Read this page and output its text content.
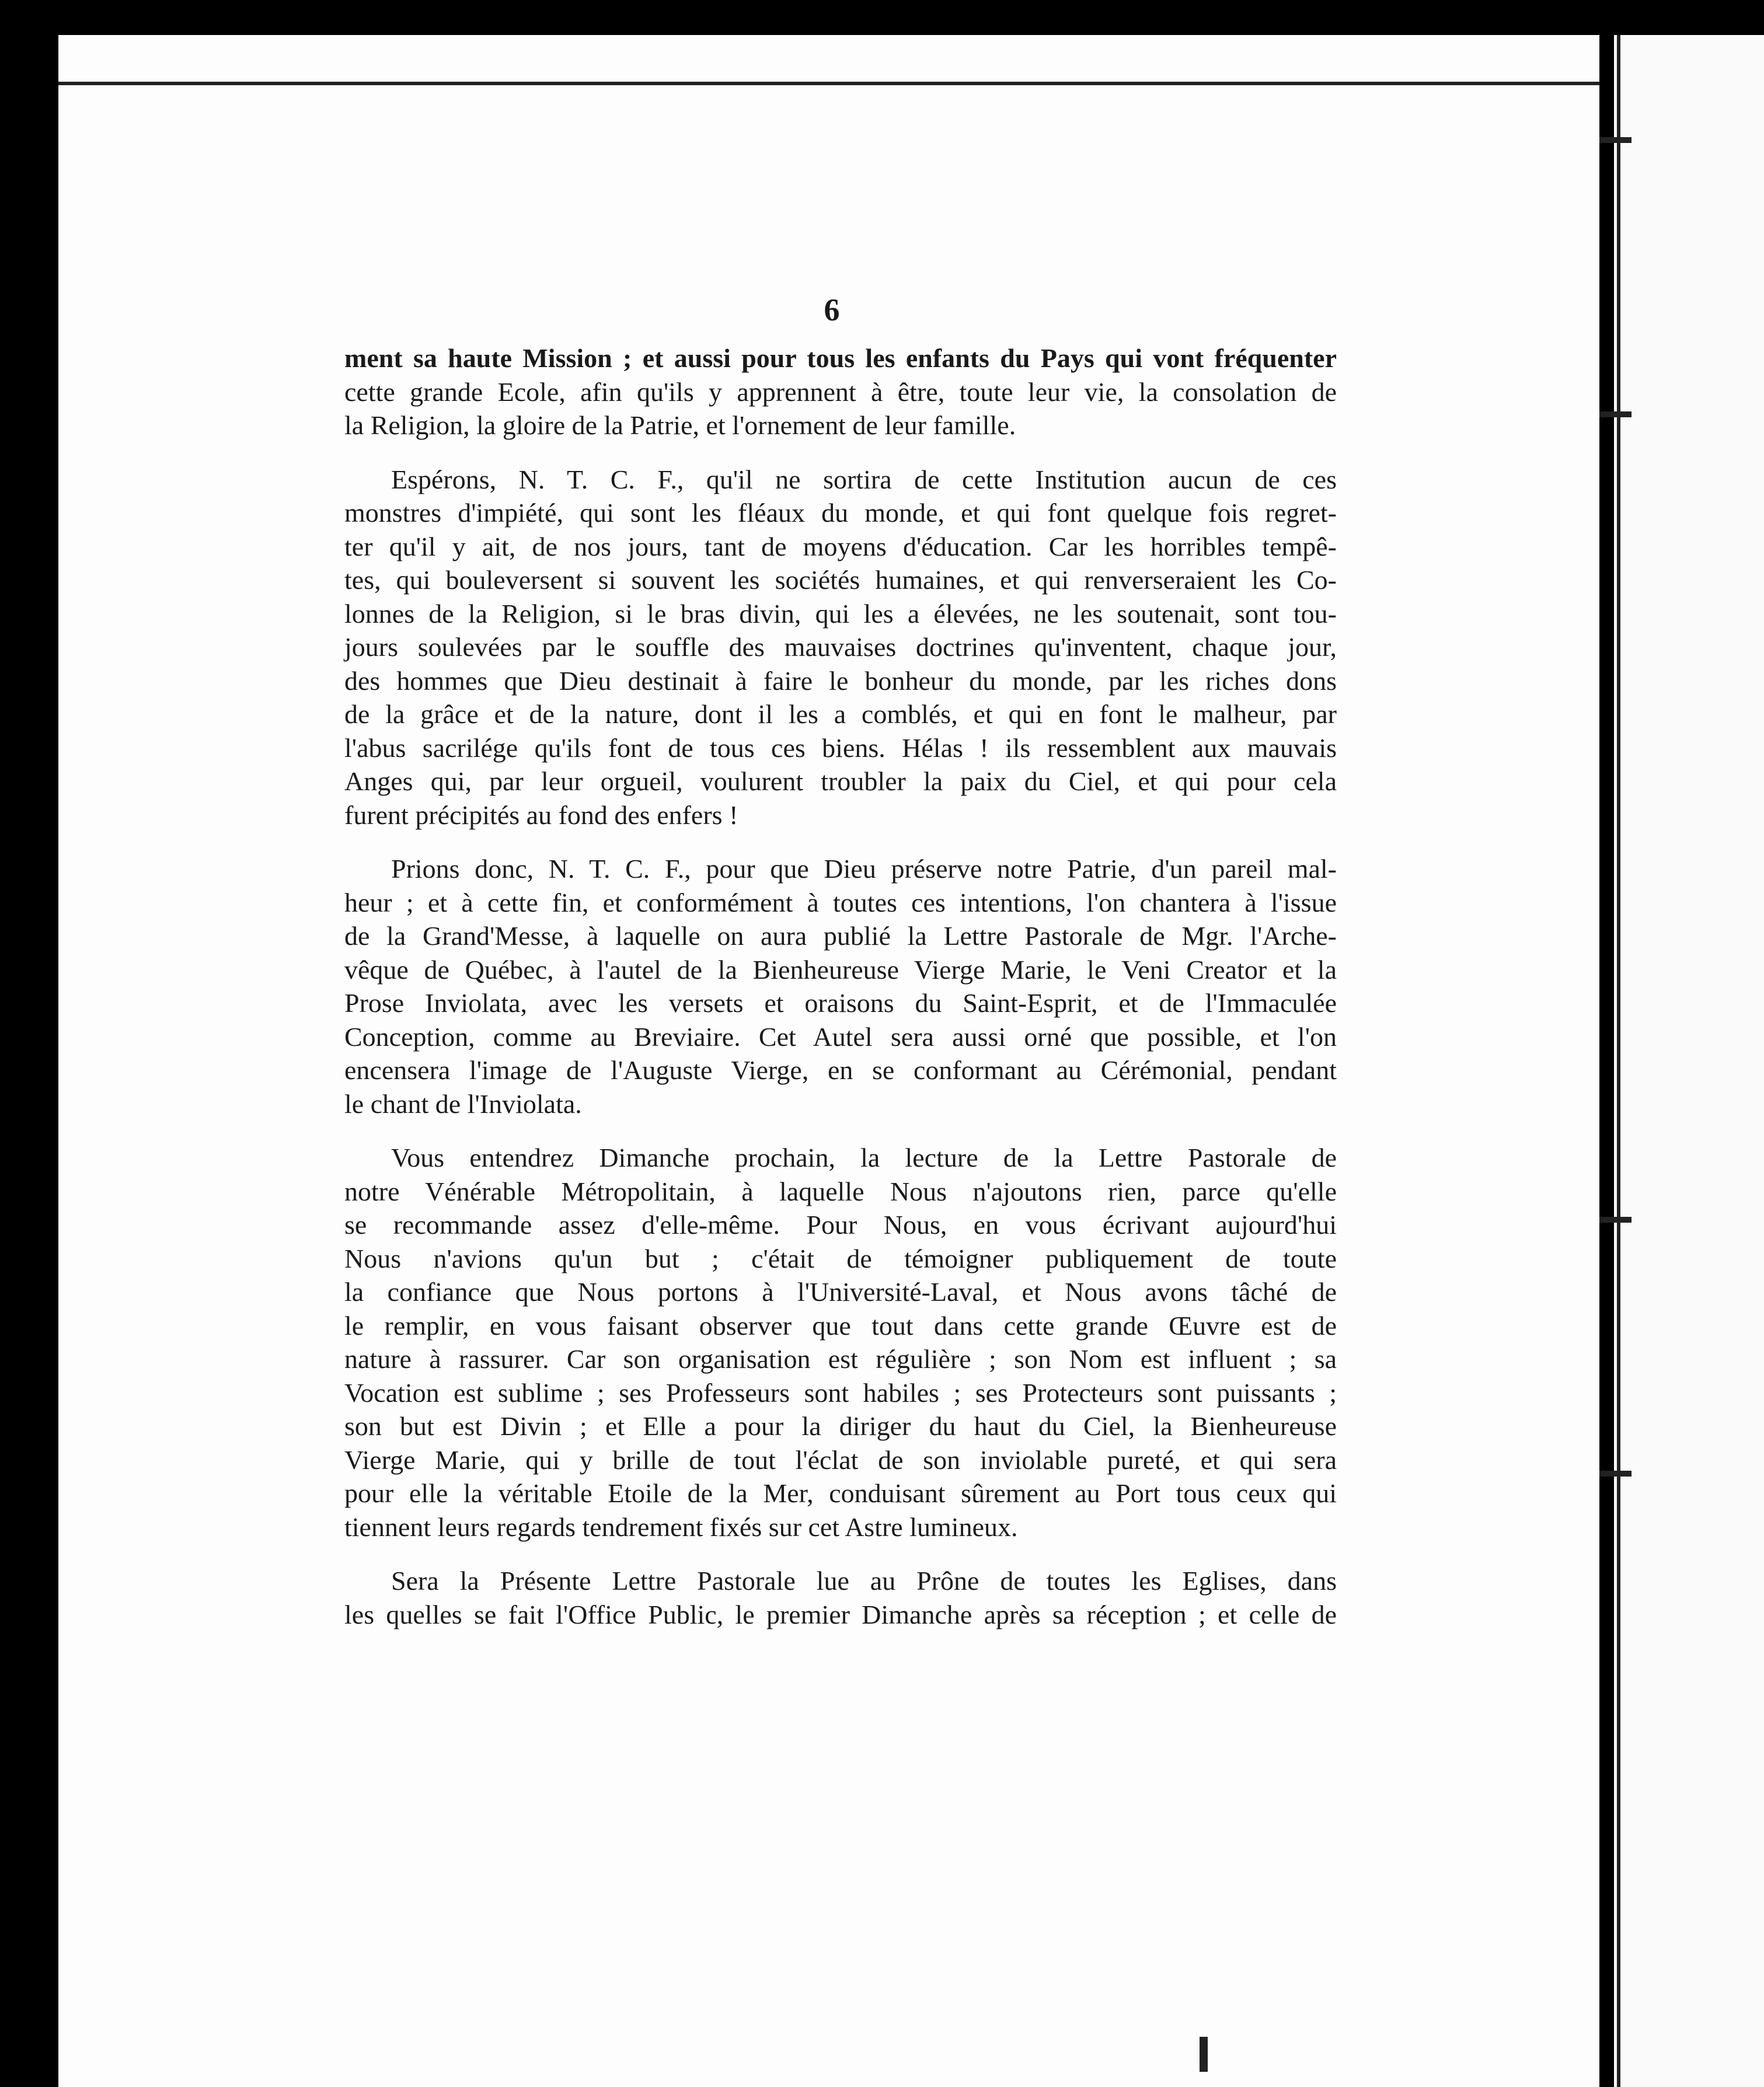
6
ment sa haute Mission ; et aussi pour tous les enfants du Pays qui vont fréquenter
cette grande Ecole, afin qu'ils y apprennent à être, toute leur vie, la consolation de
la Religion, la gloire de la Patrie, et l'ornement de leur famille.
Espérons, N. T. C. F., qu'il ne sortira de cette Institution aucun de ces
monstres d'impiété, qui sont les fléaux du monde, et qui font quelque fois regret-
ter qu'il y ait, de nos jours, tant de moyens d'éducation. Car les horribles tempê-
tes, qui bouleversent si souvent les sociétés humaines, et qui renverseraient les Co-
lonnes de la Religion, si le bras divin, qui les a élevées, ne les soutenait, sont tou-
jours soulevées par le souffle des mauvaises doctrines qu'inventent, chaque jour,
des hommes que Dieu destinait à faire le bonheur du monde, par les riches dons
de la grâce et de la nature, dont il les a comblés, et qui en font le malheur, par
l'abus sacrilége qu'ils font de tous ces biens. Hélas ! ils ressemblent aux mauvais
Anges qui, par leur orgueil, voulurent troubler la paix du Ciel, et qui pour cela
furent précipités au fond des enfers !
Prions donc, N. T. C. F., pour que Dieu préserve notre Patrie, d'un pareil mal-
heur ; et à cette fin, et conformément à toutes ces intentions, l'on chantera à l'issue
de la Grand'Messe, à laquelle on aura publié la Lettre Pastorale de Mgr. l'Arche-
vêque de Québec, à l'autel de la Bienheureuse Vierge Marie, le Veni Creator et la
Prose Inviolata, avec les versets et oraisons du Saint-Esprit, et de l'Immaculée
Conception, comme au Breviaire. Cet Autel sera aussi orné que possible, et l'on
encensera l'image de l'Auguste Vierge, en se conformant au Cérémonial, pendant
le chant de l'Inviolata.
Vous entendrez Dimanche prochain, la lecture de la Lettre Pastorale de
notre Vénérable Métropolitain, à laquelle Nous n'ajoutons rien, parce qu'elle
se recommande assez d'elle-même. Pour Nous, en vous écrivant aujourd'hui
Nous n'avions qu'un but ; c'était de témoigner publiquement de toute
la confiance que Nous portons à l'Université-Laval, et Nous avons tâché de
le remplir, en vous faisant observer que tout dans cette grande Œuvre est de
nature à rassurer. Car son organisation est régulière ; son Nom est influent ; sa
Vocation est sublime ; ses Professeurs sont habiles ; ses Protecteurs sont puissants ;
son but est Divin ; et Elle a pour la diriger du haut du Ciel, la Bienheureuse
Vierge Marie, qui y brille de tout l'éclat de son inviolable pureté, et qui sera
pour elle la véritable Etoile de la Mer, conduisant sûrement au Port tous ceux qui
tiennent leurs regards tendrement fixés sur cet Astre lumineux.
Sera la Présente Lettre Pastorale lue au Prône de toutes les Eglises, dans
les quelles se fait l'Office Public, le premier Dimanche après sa réception ; et celle de
